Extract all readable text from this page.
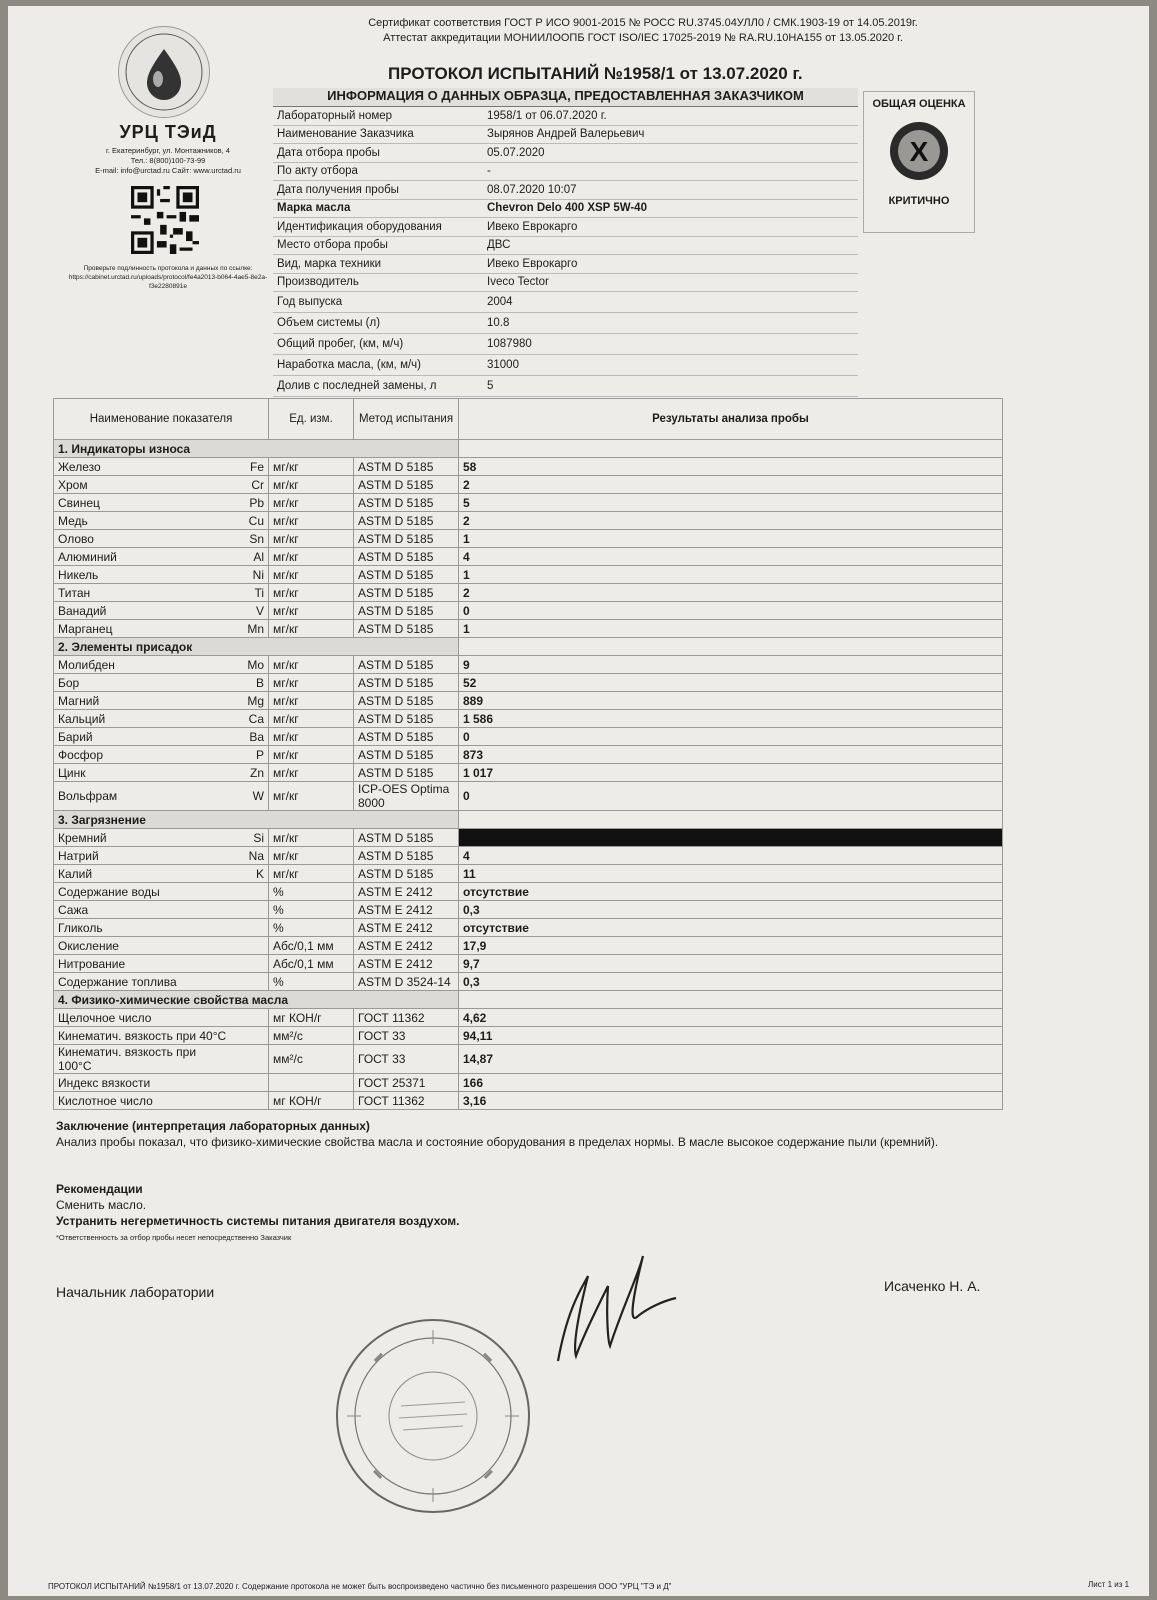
Сертификат соответствия ГОСТ Р ИСО 9001-2015 № РОСС RU.3745.04УЛЛ0 / СМК.1903-19 от 14.05.2019г.
Аттестат аккредитации МОНИИЛООПБ ГОСТ ISO/IEC 17025-2019 № RA.RU.10НА155 от 13.05.2020 г.
УРЦ ТЭиД
г. Екатеринбург, ул. Монтажников, 4
Тел.: 8(800)100-73-99
E-mail: info@urctad.ru Сайт: www.urctad.ru
Проверьте подлинность протокола и данных по ссылке:
https://cabinet.urctad.ru/uploads/protocol/fe4a2013-b064-4ae5-8e2a-f3e2280891e
ПРОТОКОЛ ИСПЫТАНИЙ №1958/1 от 13.07.2020 г.
ИНФОРМАЦИЯ О ДАННЫХ ОБРАЗЦА, ПРЕДОСТАВЛЕННАЯ ЗАКАЗЧИКОМ
Лабораторный номер	1958/1 от 06.07.2020 г.
Наименование Заказчика	Зырянов Андрей Валерьевич
Дата отбора пробы	05.07.2020
По акту отбора	-
Дата получения пробы	08.07.2020 10:07
Марка масла	Chevron Delo 400 XSP 5W-40
Идентификация оборудования	Ивеко Еврокарго
Место отбора пробы	ДВС
Вид, марка техники	Ивеко Еврокарго
Производитель	Iveco Tector
Год выпуска	2004
Объем системы (л)	10.8
Общий пробег, (км, м/ч)	1087980
Наработка масла, (км, м/ч)	31000
Долив с последней замены, л	5
ОБЩАЯ ОЦЕНКА
X
КРИТИЧНО
Наименование показателя		Ед. изм.	Метод испытания	Результаты анализа пробы
1. Индикаторы износа				
Железо	Fe	мг/кг	ASTM D 5185	58
Хром	Cr	мг/кг	ASTM D 5185	2
Свинец	Pb	мг/кг	ASTM D 5185	5
Медь	Cu	мг/кг	ASTM D 5185	2
Олово	Sn	мг/кг	ASTM D 5185	1
Алюминий	Al	мг/кг	ASTM D 5185	4
Никель	Ni	мг/кг	ASTM D 5185	1
Титан	Ti	мг/кг	ASTM D 5185	2
Ванадий	V	мг/кг	ASTM D 5185	0
Марганец	Mn	мг/кг	ASTM D 5185	1
2. Элементы присадок				
Молибден	Mo	мг/кг	ASTM D 5185	9
Бор	B	мг/кг	ASTM D 5185	52
Магний	Mg	мг/кг	ASTM D 5185	889
Кальций	Ca	мг/кг	ASTM D 5185	1 586
Барий	Ba	мг/кг	ASTM D 5185	0
Фосфор	P	мг/кг	ASTM D 5185	873
Цинк	Zn	мг/кг	ASTM D 5185	1 017
Вольфрам	W	мг/кг	ICP-OES Optima 8000	0
3. Загрязнение				
Кремний	Si	мг/кг	ASTM D 5185	
Натрий	Na	мг/кг	ASTM D 5185	4
Калий	K	мг/кг	ASTM D 5185	11
Содержание воды		%	ASTM E 2412	отсутствие
Сажа		%	ASTM E 2412	0,3
Гликоль		%	ASTM E 2412	отсутствие
Окисление		Абс/0,1 мм	ASTM E 2412	17,9
Нитрование		Абс/0,1 мм	ASTM E 2412	9,7
Содержание топлива		%	ASTM D 3524-14	0,3
4. Физико-химические свойства масла				
Щелочное число		мг КОН/г	ГОСТ 11362	4,62
Кинематич. вязкость при 40°С		мм²/с	ГОСТ 33	94,11
Кинематич. вязкость при 100°С		мм²/с	ГОСТ 33	14,87
Индекс вязкости			ГОСТ 25371	166
Кислотное число		мг КОН/г	ГОСТ 11362	3,16
Заключение (интерпретация лабораторных данных)
Анализ пробы показал, что физико-химические свойства масла и состояние оборудования в пределах нормы. В масле высокое содержание пыли (кремний).
Рекомендации
Сменить масло.
Устранить негерметичность системы питания двигателя воздухом.
*Ответственность за отбор пробы несет непосредственно Заказчик
Начальник лаборатории	Исаченко Н. А.
ПРОТОКОЛ ИСПЫТАНИЙ №1958/1 от 13.07.2020 г. Содержание протокола не может быть воспроизведено частично без письменного разрешения ООО "УРЦ "ТЭ и Д"	Лист 1 из 1
